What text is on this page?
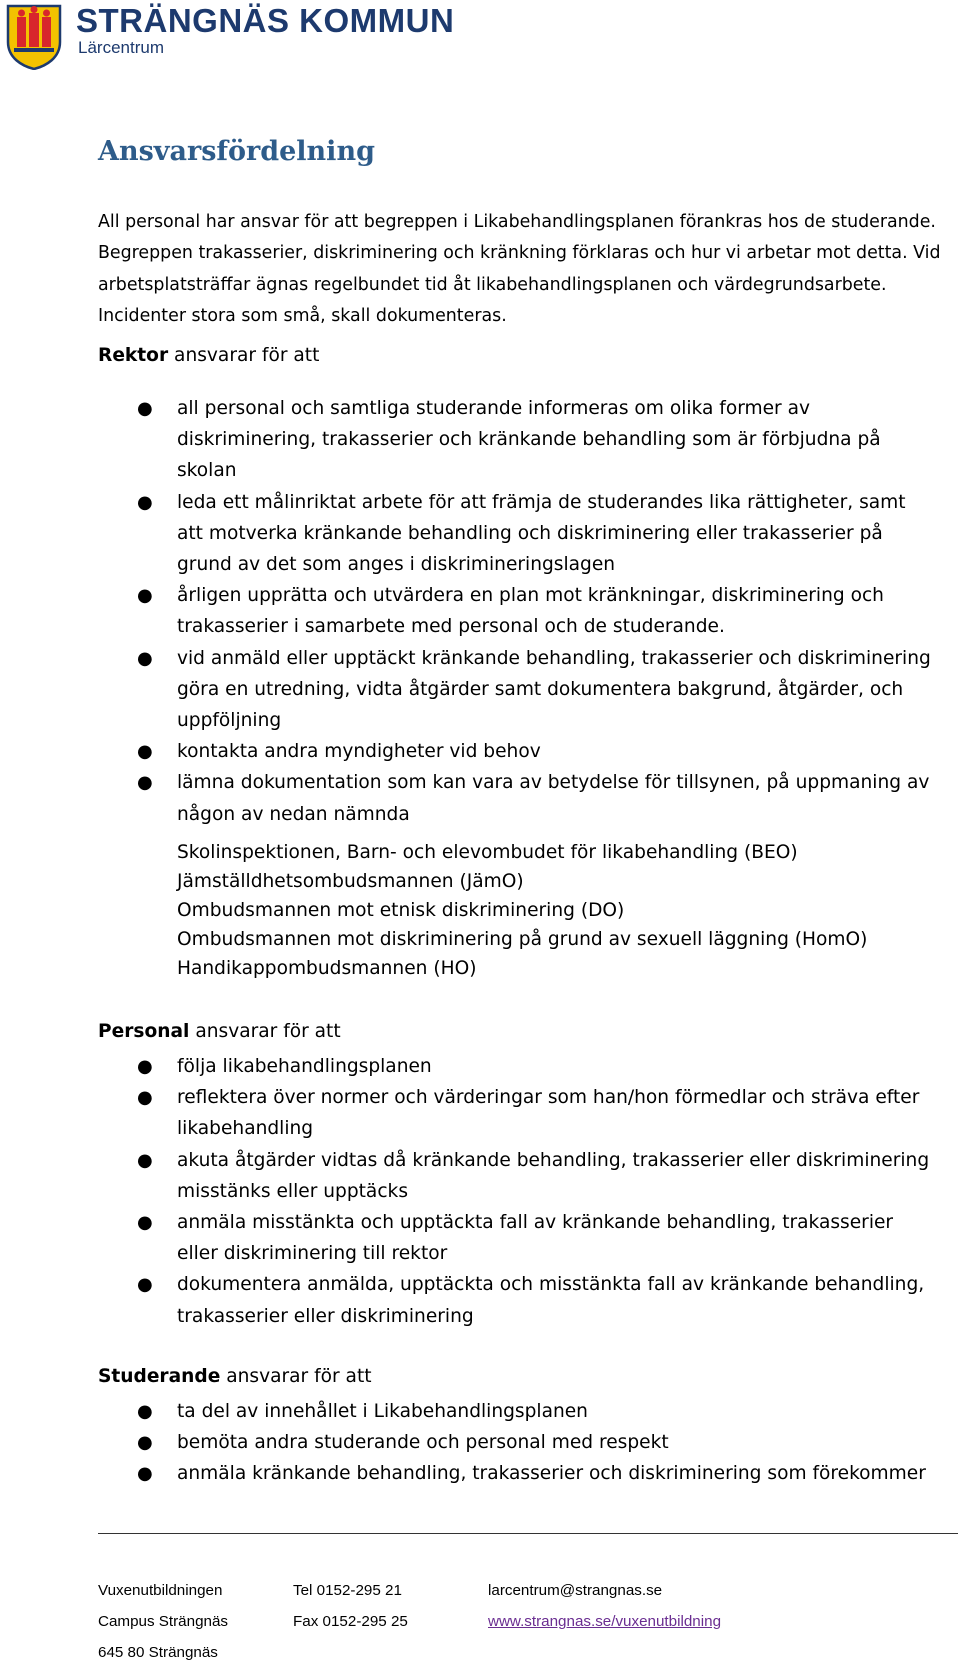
STRÄNGNÄS KOMMUN
Lärcentrum
Ansvarsfördelning
All personal har ansvar för att begreppen i Likabehandlingsplanen förankras hos de studerande.
Begreppen trakasserier, diskriminering och kränkning förklaras och hur vi arbetar mot detta. Vid
arbetsplatsträffar ägnas regelbundet tid åt likabehandlingsplanen och värdegrundsarbete.
Incidenter stora som små, skall dokumenteras.
Rektor ansvarar för att
● all personal och samtliga studerande informeras om olika former av
diskriminering, trakasserier och kränkande behandling som är förbjudna på
skolan
● leda ett målinriktat arbete för att främja de studerandes lika rättigheter, samt
att motverka kränkande behandling och diskriminering eller trakasserier på
grund av det som anges i diskrimineringslagen
● årligen upprätta och utvärdera en plan mot kränkningar, diskriminering och
trakasserier i samarbete med personal och de studerande.
● vid anmäld eller upptäckt kränkande behandling, trakasserier och diskriminering
göra en utredning, vidta åtgärder samt dokumentera bakgrund, åtgärder, och
uppföljning
● kontakta andra myndigheter vid behov
● lämna dokumentation som kan vara av betydelse för tillsynen, på uppmaning av
någon av nedan nämnda
Skolinspektionen, Barn- och elevombudet för likabehandling (BEO)
Jämställdhetsombudsmannen (JämO)
Ombudsmannen mot etnisk diskriminering (DO)
Ombudsmannen mot diskriminering på grund av sexuell läggning (HomO)
Handikappombudsmannen (HO)
Personal ansvarar för att
● följa likabehandlingsplanen
● reflektera över normer och värderingar som han/hon förmedlar och sträva efter
likabehandling
● akuta åtgärder vidtas då kränkande behandling, trakasserier eller diskriminering
misstänks eller upptäcks
● anmäla misstänkta och upptäckta fall av kränkande behandling, trakasserier
eller diskriminering till rektor
● dokumentera anmälda, upptäckta och misstänkta fall av kränkande behandling,
trakasserier eller diskriminering
Studerande ansvarar för att
● ta del av innehållet i Likabehandlingsplanen
● bemöta andra studerande och personal med respekt
● anmäla kränkande behandling, trakasserier och diskriminering som förekommer
Vuxenutbildningen
Campus Strängnäs
645 80 Strängnäs
Tel 0152-295 21
Fax 0152-295 25
larcentrum@strangnas.se
www.strangnas.se/vuxenutbildning
